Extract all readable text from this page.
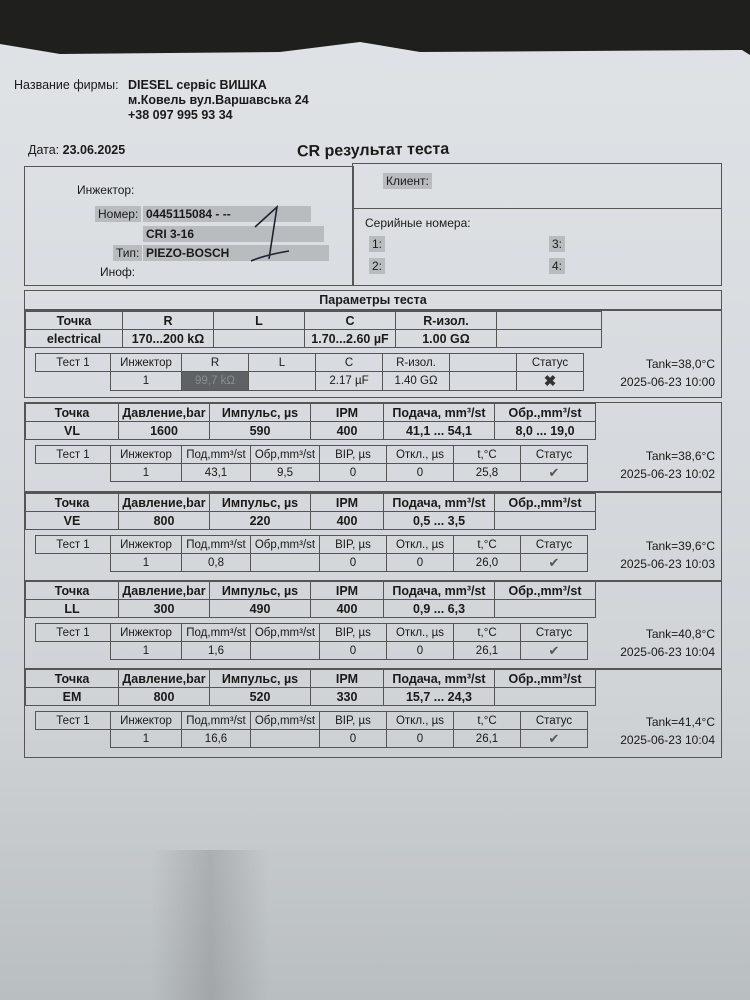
Название фирмы: DIESEL сервіс ВИШКА
м.Ковель вул.Варшавська 24
+38 097 995 93 34
Дата: 23.06.2025	CR результат теста
Инжектор:
Номер: 0445115084 - --
CRI 3-16
Тип: PIEZO-BOSCH
Иноф:
Клиент:
Серийные номера:
1:
2:
3:
4:
Параметры теста
Точка	R	L	C	R-изол.	
electrical	170...200 kΩ		1.70...2.60 µF	1.00 GΩ	
Тест 1	Инжектор	R	L	C	R-изол.		Статус
	1	99,7 kΩ		2.17 µF	1.40 GΩ		✖
Tank=38,0°C
2025-06-23 10:00
Точка	Давление,bar	Импульс, µs	IPM	Подача, mm³/st	Обр.,mm³/st
VL	1600	590	400	41,1 ... 54,1	8,0 ... 19,0
Тест 1	Инжектор	Под,mm³/st	Обр,mm³/st	BIP, µs	Откл., µs	t,°C	Статус
	1	43,1	9,5	0	0	25,8	✔
Tank=38,6°C
2025-06-23 10:02
Точка	Давление,bar	Импульс, µs	IPM	Подача, mm³/st	Обр.,mm³/st
VE	800	220	400	0,5 ... 3,5	
Тест 1	Инжектор	Под,mm³/st	Обр,mm³/st	BIP, µs	Откл., µs	t,°C	Статус
	1	0,8		0	0	26,0	✔
Tank=39,6°C
2025-06-23 10:03
Точка	Давление,bar	Импульс, µs	IPM	Подача, mm³/st	Обр.,mm³/st
LL	300	490	400	0,9 ... 6,3	
Тест 1	Инжектор	Под,mm³/st	Обр,mm³/st	BIP, µs	Откл., µs	t,°C	Статус
	1	1,6		0	0	26,1	✔
Tank=40,8°C
2025-06-23 10:04
Точка	Давление,bar	Импульс, µs	IPM	Подача, mm³/st	Обр.,mm³/st
EM	800	520	330	15,7 ... 24,3	
Тест 1	Инжектор	Под,mm³/st	Обр,mm³/st	BIP, µs	Откл., µs	t,°C	Статус
	1	16,6		0	0	26,1	✔
Tank=41,4°C
2025-06-23 10:04
